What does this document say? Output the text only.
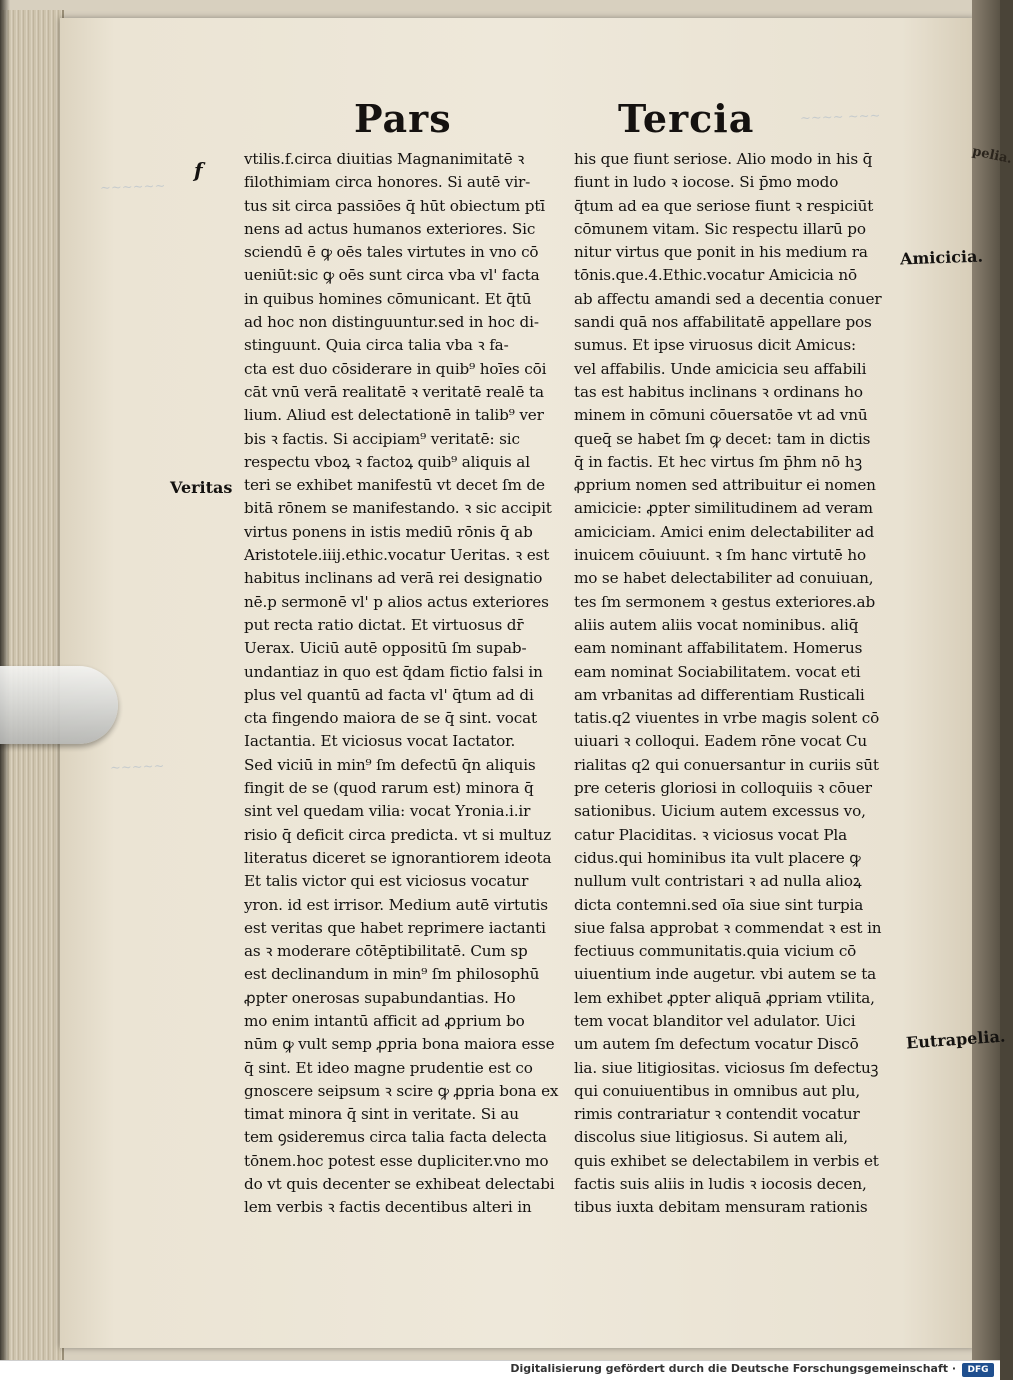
~~~~ ~~~
~~~~~~
~~~~~
Pars	Tercia
f
Veritas
Amicicia.
Eutrapelia.
pelia.
vtilis.f.circa diuitias Magnanimitatē ꝛ
filothimiam circa honores. Si autē vir-
tus sit circa passiōes q̄ hūt obiectum ptī
nens ad actus humanos exteriores. Sic
sciendū ē ꝙ oēs tales virtutes in vno cō
ueniūt:sic ꝙ oēs sunt circa vba vl' facta
in quibus homines cōmunicant. Et q̄tū
ad hoc non distinguuntur.sed in hoc di-
stinguunt. Quia circa talia vba ꝛ fa-
cta est duo cōsiderare in quib⁹ hoīes cōi
cāt vnū verā realitatē ꝛ veritatē realē ta
lium. Aliud est delectationē in talib⁹ ver
bis ꝛ factis. Si accipiam⁹ veritatē: sic
respectu vboꝝ ꝛ factoꝝ quib⁹ aliquis al
teri se exhibet manifestū vt decet ſm de
bitā rōnem se manifestando. ꝛ sic accipit
virtus ponens in istis mediū rōnis q̄ ab
Aristotele.iiij.ethic.vocatur Ueritas. ꝛ est
habitus inclinans ad verā rei designatio
nē.p sermonē vl' p alios actus exteriores
put recta ratio dictat. Et virtuosus dr̄
Uerax. Uiciū autē oppositū ſm supab-
undantiaz in quo est q̄dam fictio falsi in
plus vel quantū ad facta vl' q̄tum ad di
cta fingendo maiora de se q̄ sint. vocat
Iactantia. Et viciosus vocat Iactator.
Sed viciū in min⁹ ſm defectū q̄n aliquis
fingit de se (quod rarum est) minora q̄
sint vel quedam vilia: vocat Yronia.i.ir
risio q̄ deficit circa predicta. vt si multuz
literatus diceret se ignorantiorem ideota
Et talis victor qui est viciosus vocatur
yron. id est irrisor. Medium autē virtutis
est veritas que habet reprimere iactanti
as ꝛ moderare cōtēptibilitatē. Cum sp
est declinandum in min⁹ ſm philosophū
ꝓpter onerosas supabundantias. Ho
mo enim intantū afficit ad ꝓprium bo
nūm ꝙ vult semp ꝓpria bona maiora esse
q̄ sint. Et ideo magne prudentie est co
gnoscere seipsum ꝛ scire ꝙ ꝓpria bona ex
timat minora q̄ sint in veritate. Si au
tem ꝯsideremus circa talia facta delecta
tōnem.hoc potest esse dupliciter.vno mo
do vt quis decenter se exhibeat delectabi
lem verbis ꝛ factis decentibus alteri in
his que fiunt seriose. Alio modo in his q̄
fiunt in ludo ꝛ iocose. Si p̄mo modo
q̄tum ad ea que seriose fiunt ꝛ respiciūt
cōmunem vitam. Sic respectu illarū po
nitur virtus que ponit in his medium ra
tōnis.que.4.Ethic.vocatur Amicicia nō
ab affectu amandi sed a decentia conuer
sandi quā nos affabilitatē appellare pos
sumus. Et ipse viruosus dicit Amicus:
vel affabilis. Unde amicicia seu affabili
tas est habitus inclinans ꝛ ordinans ho
minem in cōmuni cōuersatōe vt ad vnū
queq̄ se habet ſm ꝙ decet: tam in dictis
q̄ in factis. Et hec virtus ſm p̄hm nō hꝫ
ꝓprium nomen sed attribuitur ei nomen
amicicie: ꝓpter similitudinem ad veram
amiciciam. Amici enim delectabiliter ad
inuicem cōuiuunt. ꝛ ſm hanc virtutē ho
mo se habet delectabiliter ad conuiuan,
tes ſm sermonem ꝛ gestus exteriores.ab
aliis autem aliis vocat nominibus. aliq̄
eam nominant affabilitatem. Homerus
eam nominat Sociabilitatem. vocat eti
am vrbanitas ad differentiam Rusticali
tatis.q2 viuentes in vrbe magis solent cō
uiuari ꝛ colloqui. Eadem rōne vocat Cu
rialitas q2 qui conuersantur in curiis sūt
pre ceteris gloriosi in colloquiis ꝛ cōuer
sationibus. Uicium autem excessus vo,
catur Placiditas. ꝛ viciosus vocat Pla
cidus.qui hominibus ita vult placere ꝙ
nullum vult contristari ꝛ ad nulla alioꝝ
dicta contemni.sed oīa siue sint turpia
siue falsa approbat ꝛ commendat ꝛ est in
fectiuus communitatis.quia vicium cō
uiuentium inde augetur. vbi autem se ta
lem exhibet ꝓpter aliquā ꝓpriam vtilita,
tem vocat blanditor vel adulator. Uici
um autem ſm defectum vocatur Discō
lia. siue litigiositas. viciosus ſm defectuꝫ
qui conuiuentibus in omnibus aut plu,
rimis contrariatur ꝛ contendit vocatur
discolus siue litigiosus. Si autem ali,
quis exhibet se delectabilem in verbis et
factis suis aliis in ludis ꝛ iocosis decen,
tibus iuxta debitam mensuram rationis
Digitalisierung gefördert durch die Deutsche Forschungsgemeinschaft ·	DFG
